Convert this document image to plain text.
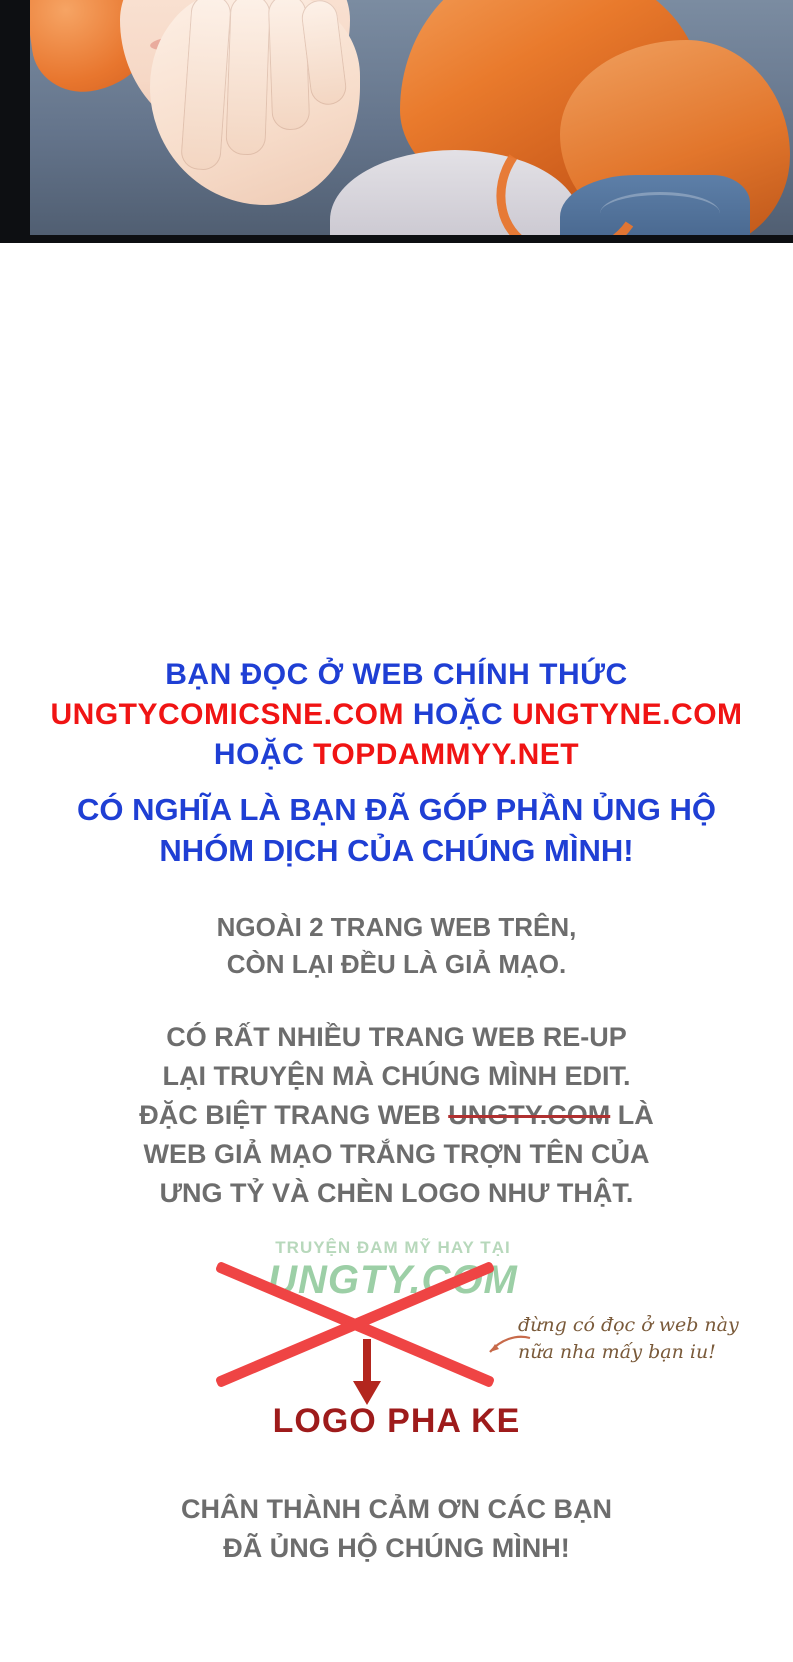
BẠN ĐỌC Ở WEB CHÍNH THỨC
UNGTYCOMICSNE.COM HOẶC UNGTYNE.COM
HOẶC TOPDAMMYY.NET
CÓ NGHĨA LÀ BẠN ĐÃ GÓP PHẦN ỦNG HỘ
NHÓM DỊCH CỦA CHÚNG MÌNH!
NGOÀI 2 TRANG WEB TRÊN,
CÒN LẠI ĐỀU LÀ GIẢ MẠO.
CÓ RẤT NHIỀU TRANG WEB RE-UP
LẠI TRUYỆN MÀ CHÚNG MÌNH EDIT.
ĐẶC BIỆT TRANG WEB UNGTY.COM LÀ
WEB GIẢ MẠO TRẮNG TRỢN TÊN CỦA
ƯNG TỶ VÀ CHÈN LOGO NHƯ THẬT.
TRUYỆN ĐAM MỸ HAY TẠI
UNGTY.COM
đừng có đọc ở web này nữa nha mấy bạn iu!
LOGO PHA KE
CHÂN THÀNH CẢM ƠN CÁC BẠN
ĐÃ ỦNG HỘ CHÚNG MÌNH!
